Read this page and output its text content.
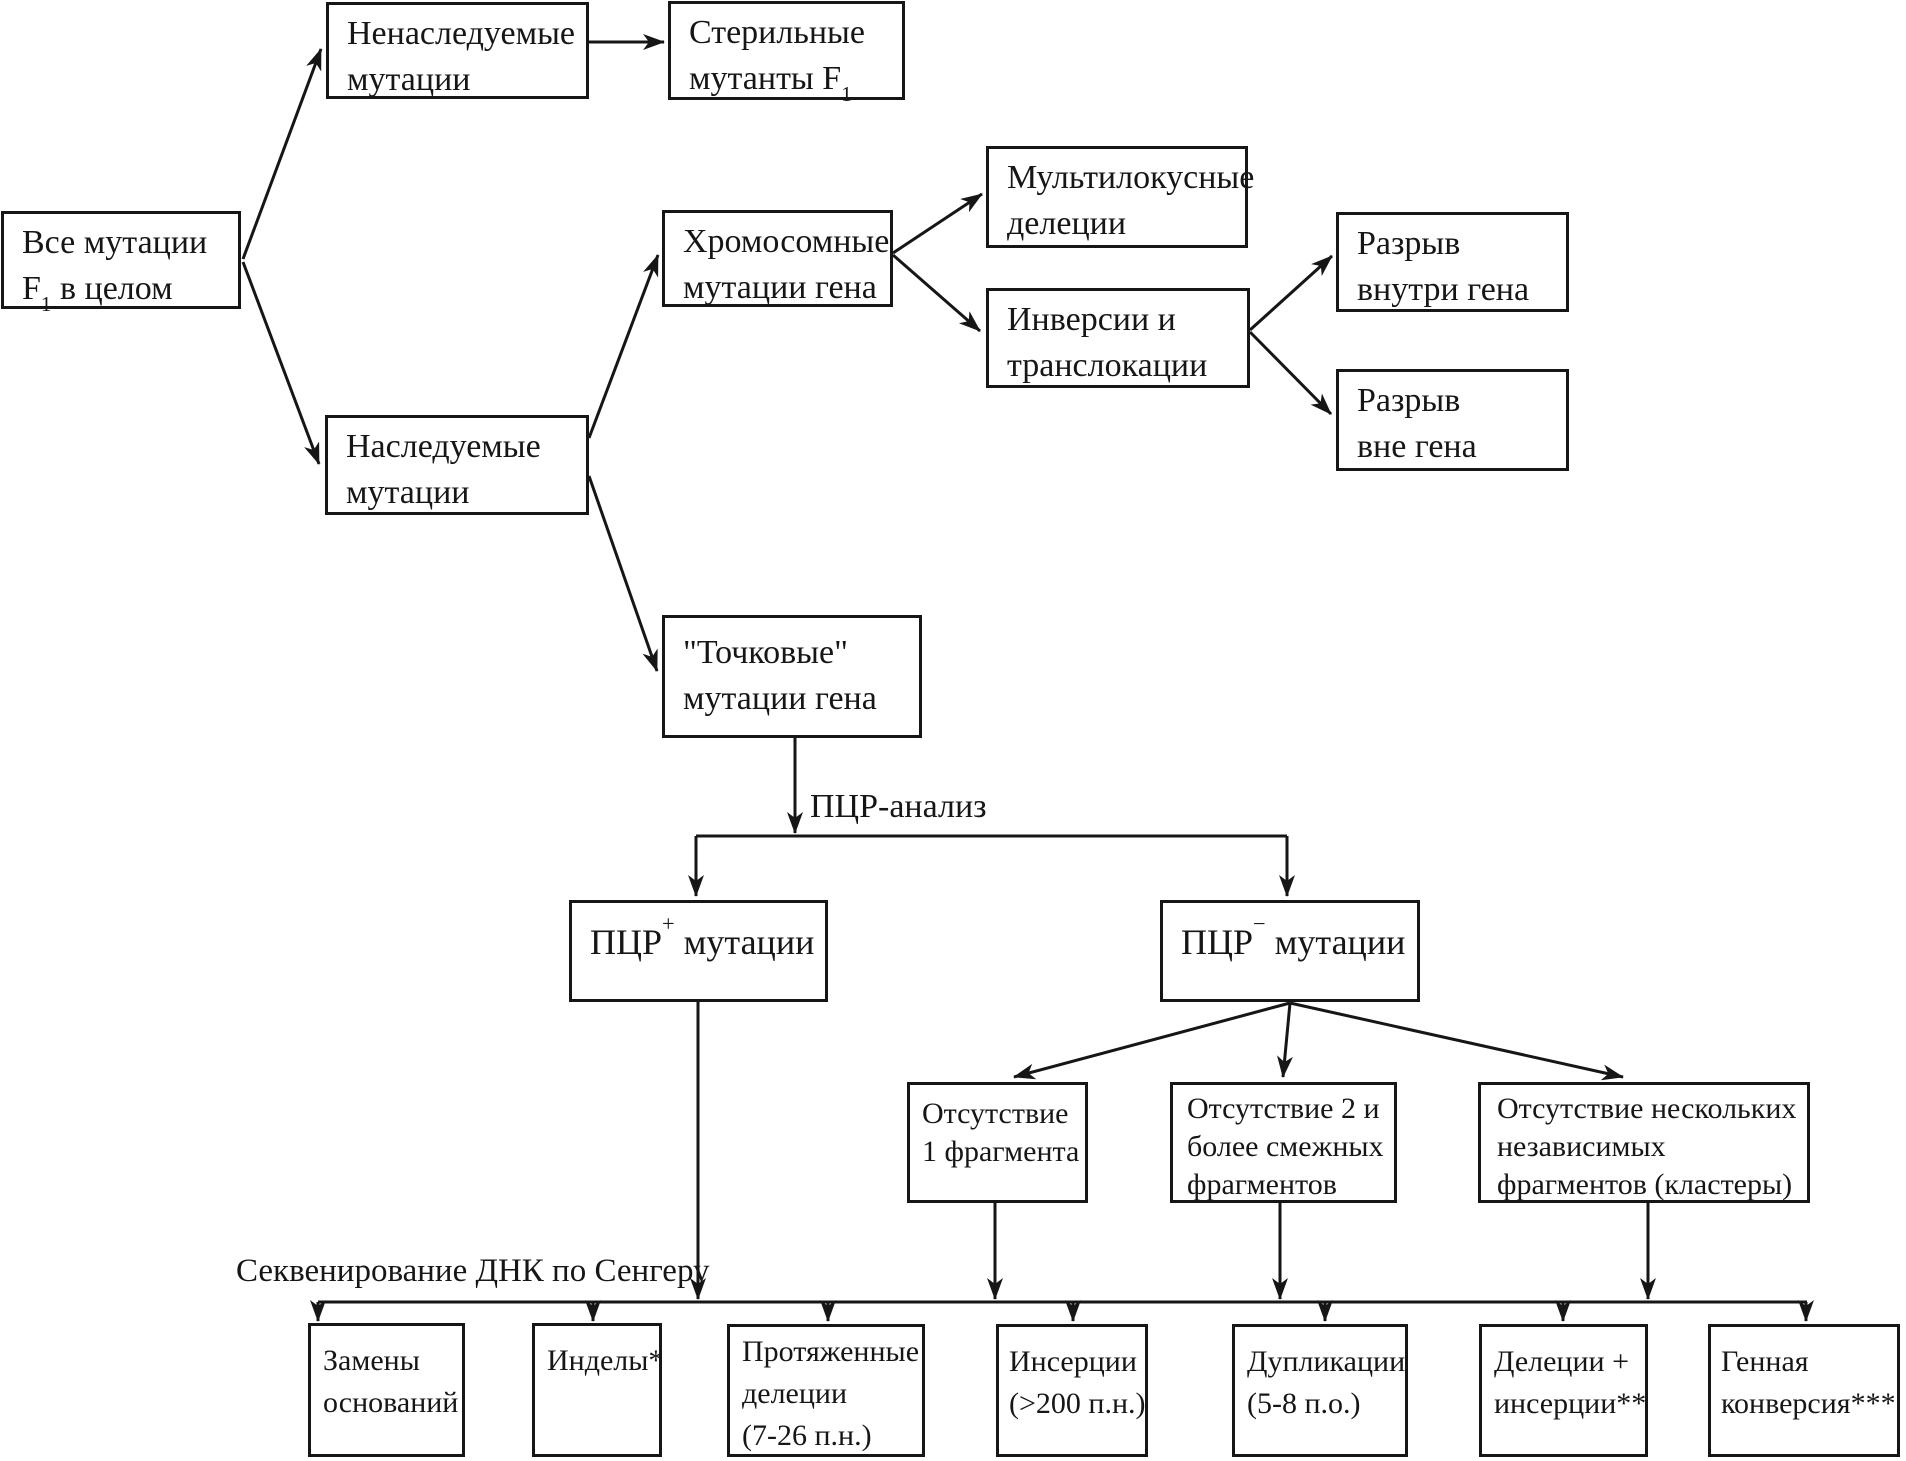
Все мутации
$F_1$ в целом
Ненаследуемые
мутации
Стерильные
мутанты $F_1$
Наследуемые
мутации
Хромосомные
мутации гена
Мультилокусные
делеции
Инверсии и
транслокации
Разрыв
внутри гена
Разрыв
вне гена
"Точковые"
мутации гена
ПЦР-анализ
ПЦР+ мутации	ПЦР− мутации
Отсутствие
1 фрагмента
Отсутствие 2 и
более смежных
фрагментов
Отсутствие нескольких
независимых
фрагментов (кластеры)
Секвенирование ДНК по Сенгеру
Замены
оснований
Инделы*	Протяженные
делеции
(7-26 п.н.)
Инсерции
(>200 п.н.)
Дупликации
(5-8 п.о.)
Делеции +
инсерции**
Генная
конверсия***
